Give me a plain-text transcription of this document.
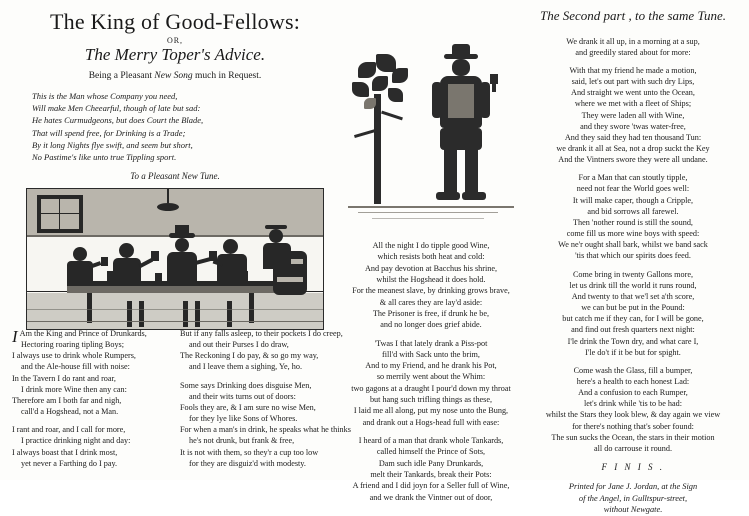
The King of Good-Fellows:
OR,
The Merry Toper's Advice.
Being a Pleasant New Song much in Request.
This is the Man whose Company you need,
Will make Men Cheearful, though of late but sad:
He hates Curmudgeons, but does Court the Blade,
That will spend free, for Drinking is a Trade;
By it long Nights flye swift, and seem but short,
No Pastime's like unto true Tippling sport.
To a Pleasant New Tune.

I Am the King and Prince of Drunkards,
Hectoring roaring tipling Boys;
I always use to drink whole Rumpers,
and the Ale-house fill with noise:
In the Tavern I do rant and roar,
I drink more Wine then any can:
Therefore am I both far and nigh,
call'd a Hogshead, not a Man.

I rant and roar, and I call for more,
I practice drinking night and day:
I always boast that I drink most,
yet never a Farthing do I pay.

But if any falls asleep, to their pockets I do creep,
and out their Purses I do draw,
The Reckoning I do pay, & so go my way,
and I leave them a sighing, Ye, ho.

Some says Drinking does disguise Men,
and their wits turns out of doors:
Fools they are, & I am sure no wise Men,
for they lye like Sons of Whores.
For when a man's in drink, he speaks what he thinks
he's not drunk, but frank & free,
It is not with them, so they'r a cup too low
for they are disguiz'd with modesty.

All the night I do tipple good Wine,
which resists both heat and cold:
And pay devotion at Bacchus his shrine,
whilst the Hogshead it does hold.
For the meanest slave, by drinking grows brave,
& all cares they are lay'd aside:
The Prisoner is free, if drunk he be,
and no longer does grief abide.

'Twas I that lately drank a Piss-pot
fill'd with Sack unto the brim,
And to my Friend, and he drank his Pot,
so merrily went about the Whim:
two gagons at a draught I pour'd down my throat
but hang such trifling things as these,
I laid me all along, put my nose unto the Bung,
and drank out a Hogs-head full with ease:

I heard of a man that drank whole Tankards,
called himself the Prince of Sots,
Dam such idle Pany Drunkards,
melt their Tankards, break their Pots:
A friend and I did joyn for a Seller full of Wine,
and we drank the Vintner out of door,

The Second part , to the same Tune.

We drank it all up, in a morning at a sup,
and greedily stared about for more:

With that my friend he made a motion,
said, let's out part with such dry Lips,
And straight we went unto the Ocean,
where we met with a fleet of Ships;
They were laden all with Wine,
and they swore 'twas water-free,
And they said they had ten thousand Tun:
we drank it all at Sea, not a drop suckt the Key
And the Vintners swore they were all undane.

For a Man that can stoutly tipple,
need not fear the World goes well:
It will make caper, though a Cripple,
and bid sorrows all farewel.
Then 'nother round is still the sound,
come fill us more wine boys with speed:
We ne'r ought shall bark, whilst we band sack
'tis that which our spirits does feed.

Come bring in twenty Gallons more,
let us drink till the world it runs round,
And twenty to that we'l set a'th score,
we can but be put in the Pound:
but catch me if they can, for I will be gone,
and find out fresh quarters next night:
I'le drink the Town dry, and what care I,
I'le do't if it be but for spight.

Come wash the Glass, fill a bumper,
here's a health to each honest Lad:
And a confusion to each Rumper,
let's drink while 'tis to be had:
whilst the Stars they look blew, & day again we view
for there's nothing that's sober found:
The sun sucks the Ocean, the stars in their motion
all do carrouse it round.

F I N I S .
Printed for Jane J. Jordan, at the Sign
of the Angel, in Gulltspur-street,
without Newgate.
